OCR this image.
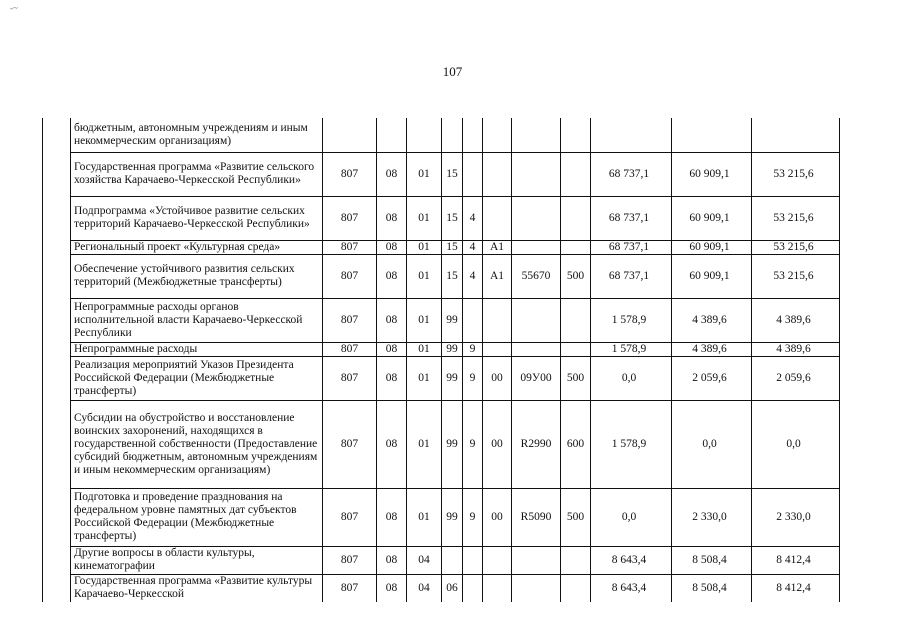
-~
107
	бюджетным, автономным учреждениям и иным некоммерческим организациям)											
	Государственная программа «Развитие сельского хозяйства Карачаево-Черкесской Республики»	807	08	01	15					68 737,1	60 909,1	53 215,6
	Подпрограмма «Устойчивое развитие сельских территорий Карачаево-Черкесской Республики»	807	08	01	15	4				68 737,1	60 909,1	53 215,6
	Региональный проект «Культурная среда»	807	08	01	15	4	А1			68 737,1	60 909,1	53 215,6
	Обеспечение устойчивого развития сельских территорий (Межбюджетные трансферты)	807	08	01	15	4	А1	55670	500	68 737,1	60 909,1	53 215,6
	Непрограммные расходы органов исполнительной власти Карачаево-Черкесской Республики	807	08	01	99					1 578,9	4 389,6	4 389,6
	Непрограммные расходы	807	08	01	99	9				1 578,9	4 389,6	4 389,6
	Реализация мероприятий Указов Президента Российской Федерации (Межбюджетные трансферты)	807	08	01	99	9	00	09У00	500	0,0	2 059,6	2 059,6
	Субсидии на обустройство и восстановление воинских захоронений, находящихся в государственной собственности (Предоставление субсидий бюджетным, автономным учреждениям и иным некоммерческим организациям)	807	08	01	99	9	00	R2990	600	1 578,9	0,0	0,0
	Подготовка и проведение празднования на федеральном уровне памятных дат субъектов Российской Федерации (Межбюджетные трансферты)	807	08	01	99	9	00	R5090	500	0,0	2 330,0	2 330,0
	Другие вопросы в области культуры, кинематографии	807	08	04						8 643,4	8 508,4	8 412,4
	Государственная программа «Развитие культуры Карачаево-Черкесской	807	08	04	06					8 643,4	8 508,4	8 412,4
